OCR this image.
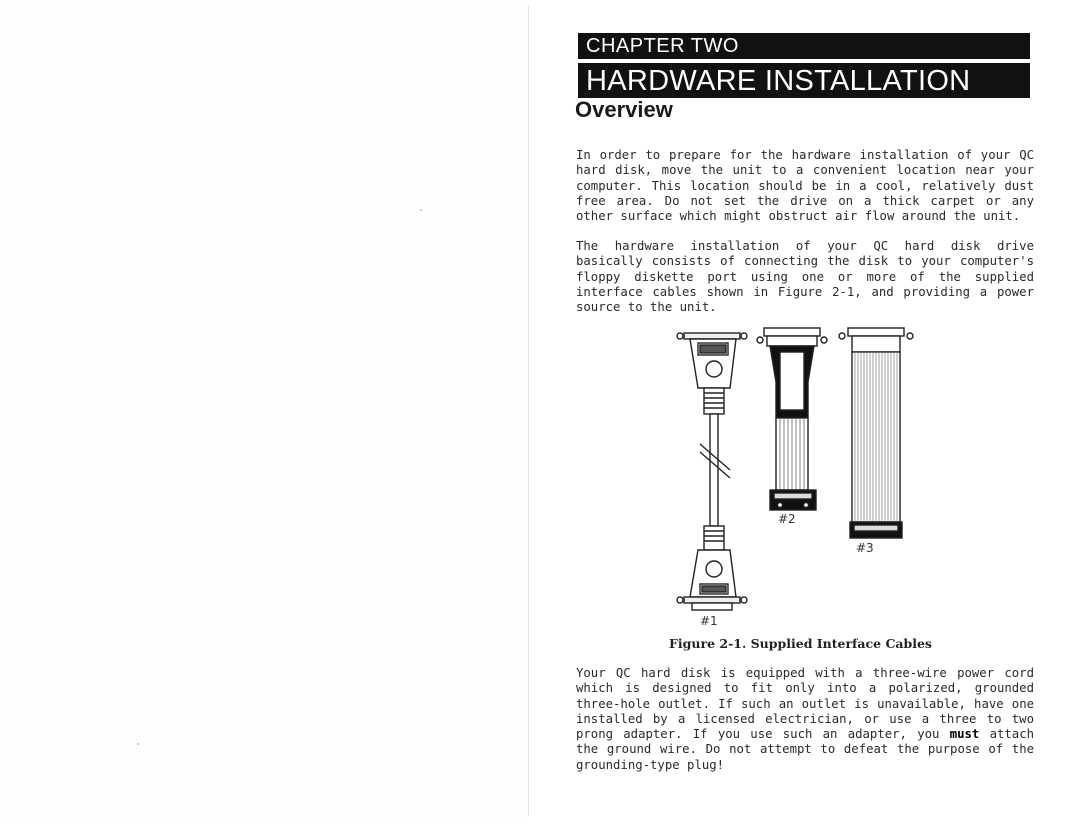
CHAPTER TWO
HARDWARE INSTALLATION
Overview

In order to prepare for the hardware installation of your QC hard disk, move the unit to a convenient location near your computer. This location should be in a cool, relatively dust free area. Do not set the drive on a thick carpet or any other surface which might obstruct air flow around the unit.

The hardware installation of your QC hard disk drive basically consists of connecting the disk to your computer's floppy diskette port using one or more of the supplied interface cables shown in Figure 2-1, and providing a power source to the unit.

#1
#2
#3
Figure 2-1. Supplied Interface Cables

Your QC hard disk is equipped with a three-wire power cord which is designed to fit only into a polarized, grounded three-hole outlet. If such an outlet is unavailable, have one installed by a licensed electrician, or use a three to two prong adapter. If you use such an adapter, you must attach the ground wire. Do not attempt to defeat the purpose of the grounding-type plug!
